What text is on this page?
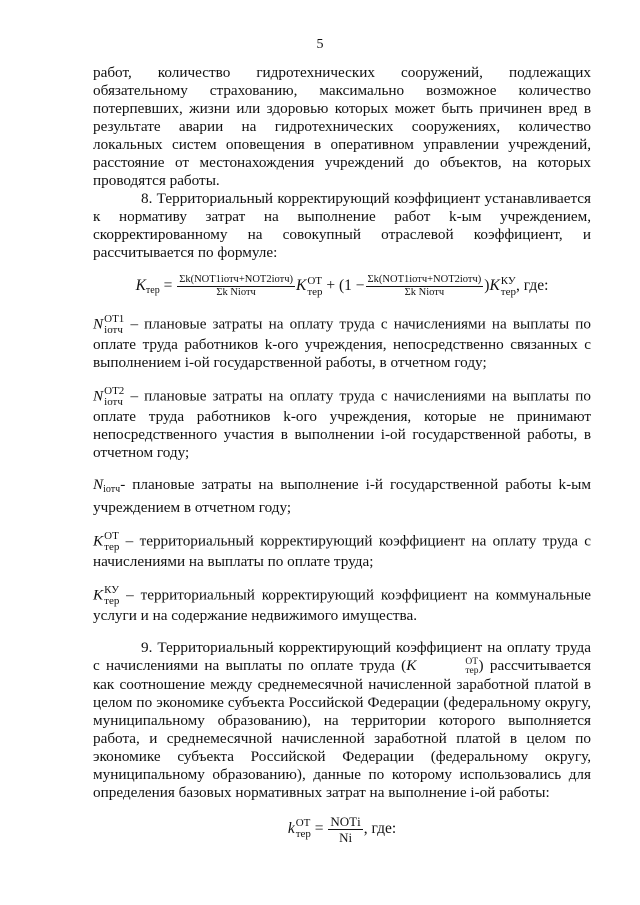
5

работ, количество гидротехнических сооружений, подлежащих обязательному страхованию, максимально возможное количество потерпевших, жизни или здоровью которых может быть причинен вред в результате аварии на гидротехнических сооружениях, количество локальных систем оповещения в оперативном управлении учреждений, расстояние от местонахождения учреждений до объектов, на которых проводятся работы.

8. Территориальный корректирующий коэффициент устанавливается к нормативу затрат на выполнение работ k-ым учреждением, скорректированному на совокупный отраслевой коэффициент, и рассчитывается по формуле:

$K_{тер} = \frac{\text{Σk(NОТ1iотч+NОТ2iотч)}}{\text{Σk Niотч}}$ K ОТ
тер + $(1 - \frac{\text{Σk(NОТ1iотч+NОТ2iотч)}}{\text{Σk Niотч}} )K$ КУ
тер , где:

N ОТ1
iотч – плановые затраты на оплату труда с начислениями на выплаты по оплате труда работников k-ого учреждения, непосредственно связанных с выполнением i-ой государственной работы, в отчетном году;

N ОТ2
iотч – плановые затраты на оплату труда с начислениями на выплаты по оплате труда работников k-ого учреждения, которые не принимают непосредственного участия в выполнении i-ой государственной работы, в отчетном году;

$N_{iотч}-$ плановые затраты на выполнение i-й государственной работы k-ым учреждением в отчетном году;

K ОТ
тер – территориальный корректирующий коэффициент на оплату труда с начислениями на выплаты по оплате труда;

K КУ
тер – территориальный корректирующий коэффициент на коммунальные услуги и на содержание недвижимого имущества.

9. Территориальный корректирующий коэффициент на оплату труда с начислениями на выплаты по оплате труда (K	ОТ
тер ) рассчитывается как соотношение между среднемесячной начисленной заработной платой в целом по экономике субъекта Российской Федерации (федеральному округу, муниципальному образованию), на территории которого выполняется работа, и среднемесячной начисленной заработной платой в целом по экономике субъекта Российской Федерации (федеральному округу, муниципальному образованию), данные по которому использовались для определения базовых нормативных затрат на выполнение i-ой работы:

k ОТ
тер = $\frac{\text{NОТi}}{Ni}$ , где:
